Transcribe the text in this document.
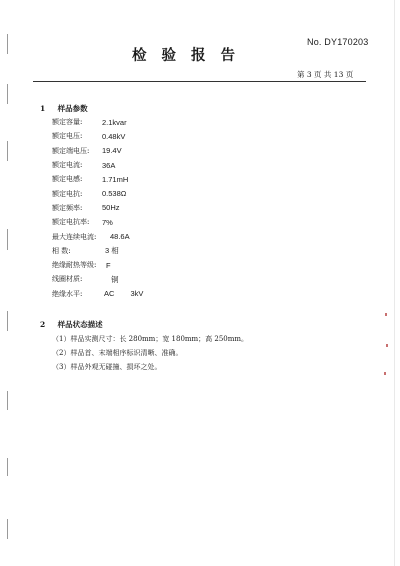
No. DY170203
检验报告
第 3 页 共 13 页
1 样品参数
额定容量:	2.1kvar
额定电压:	0.48kV
额定端电压:	19.4V
额定电流:	36A
额定电感:	1.71mH
额定电抗:	0.538Ω
额定频率:	50Hz
额定电抗率:	7%
最大连续电流:	48.6A
相 数:	3 相
绝缘耐热等级:	F
线圈材质:	铜
绝缘水平:	AC 3kV
2 样品状态描述
（1）样品实测尺寸：长 280mm；宽 180mm；高 250mm。
（2）样品首、末端相序标识清晰、准确。
（3）样品外观无碰撞、损坏之处。
